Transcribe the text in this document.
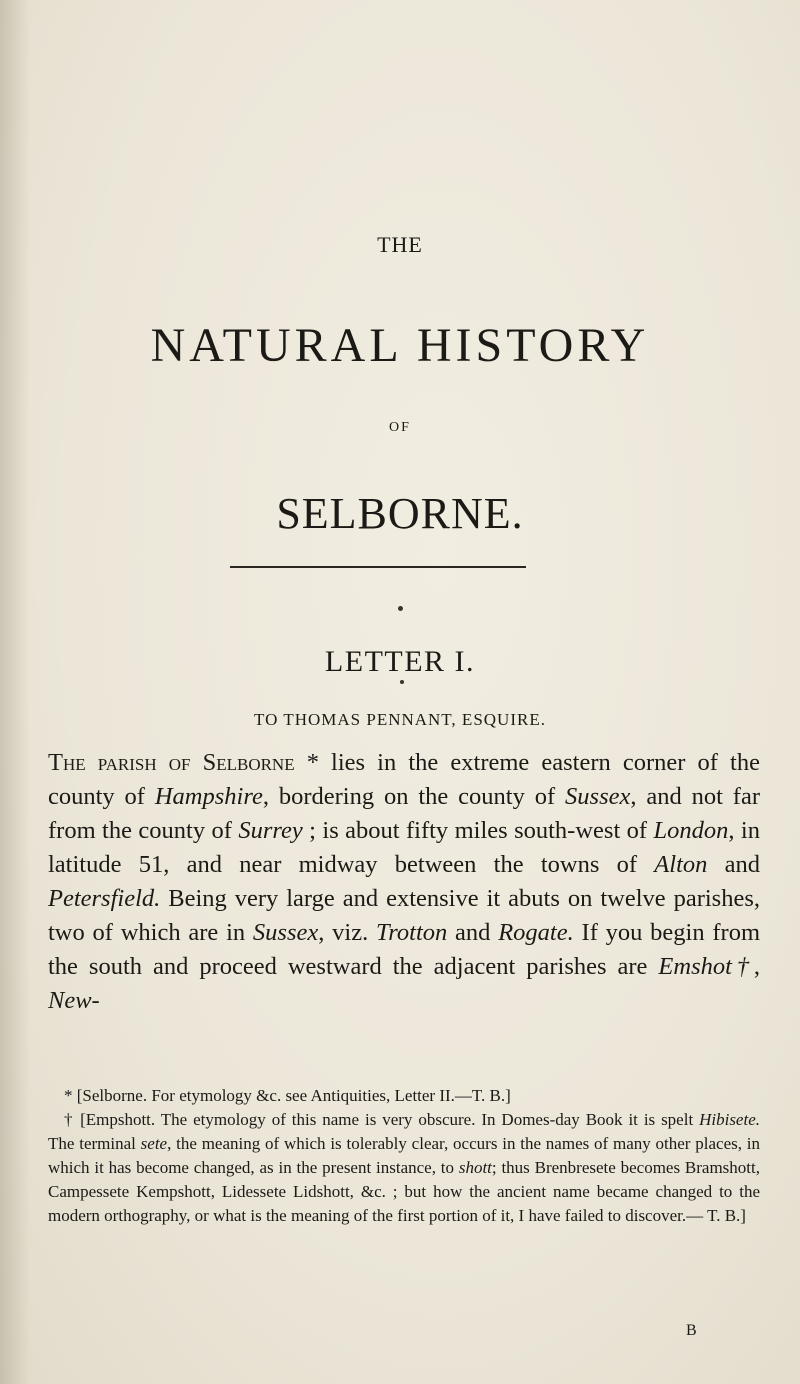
THE
NATURAL HISTORY
OF
SELBORNE.
LETTER I.
TO THOMAS PENNANT, ESQUIRE.
The parish of Selborne * lies in the extreme eastern corner of the county of Hampshire, bordering on the county of Sussex, and not far from the county of Surrey ; is about fifty miles south-west of London, in latitude 51, and near midway between the towns of Alton and Petersfield. Being very large and extensive it abuts on twelve parishes, two of which are in Sussex, viz. Trotton and Rogate. If you begin from the south and proceed westward the adjacent parishes are Emshot†, New-

* [Selborne. For etymology &c. see Antiquities, Letter II.—T. B.]

† [Empshott. The etymology of this name is very obscure. In Domes-day Book it is spelt Hibisete. The terminal sete, the meaning of which is tolerably clear, occurs in the names of many other places, in which it has become changed, as in the present instance, to shott; thus Brenbresete becomes Bramshott, Campessete Kempshott, Lidessete Lidshott, &c. ; but how the ancient name became changed to the modern orthography, or what is the meaning of the first portion of it, I have failed to discover.— T. B.]

B
